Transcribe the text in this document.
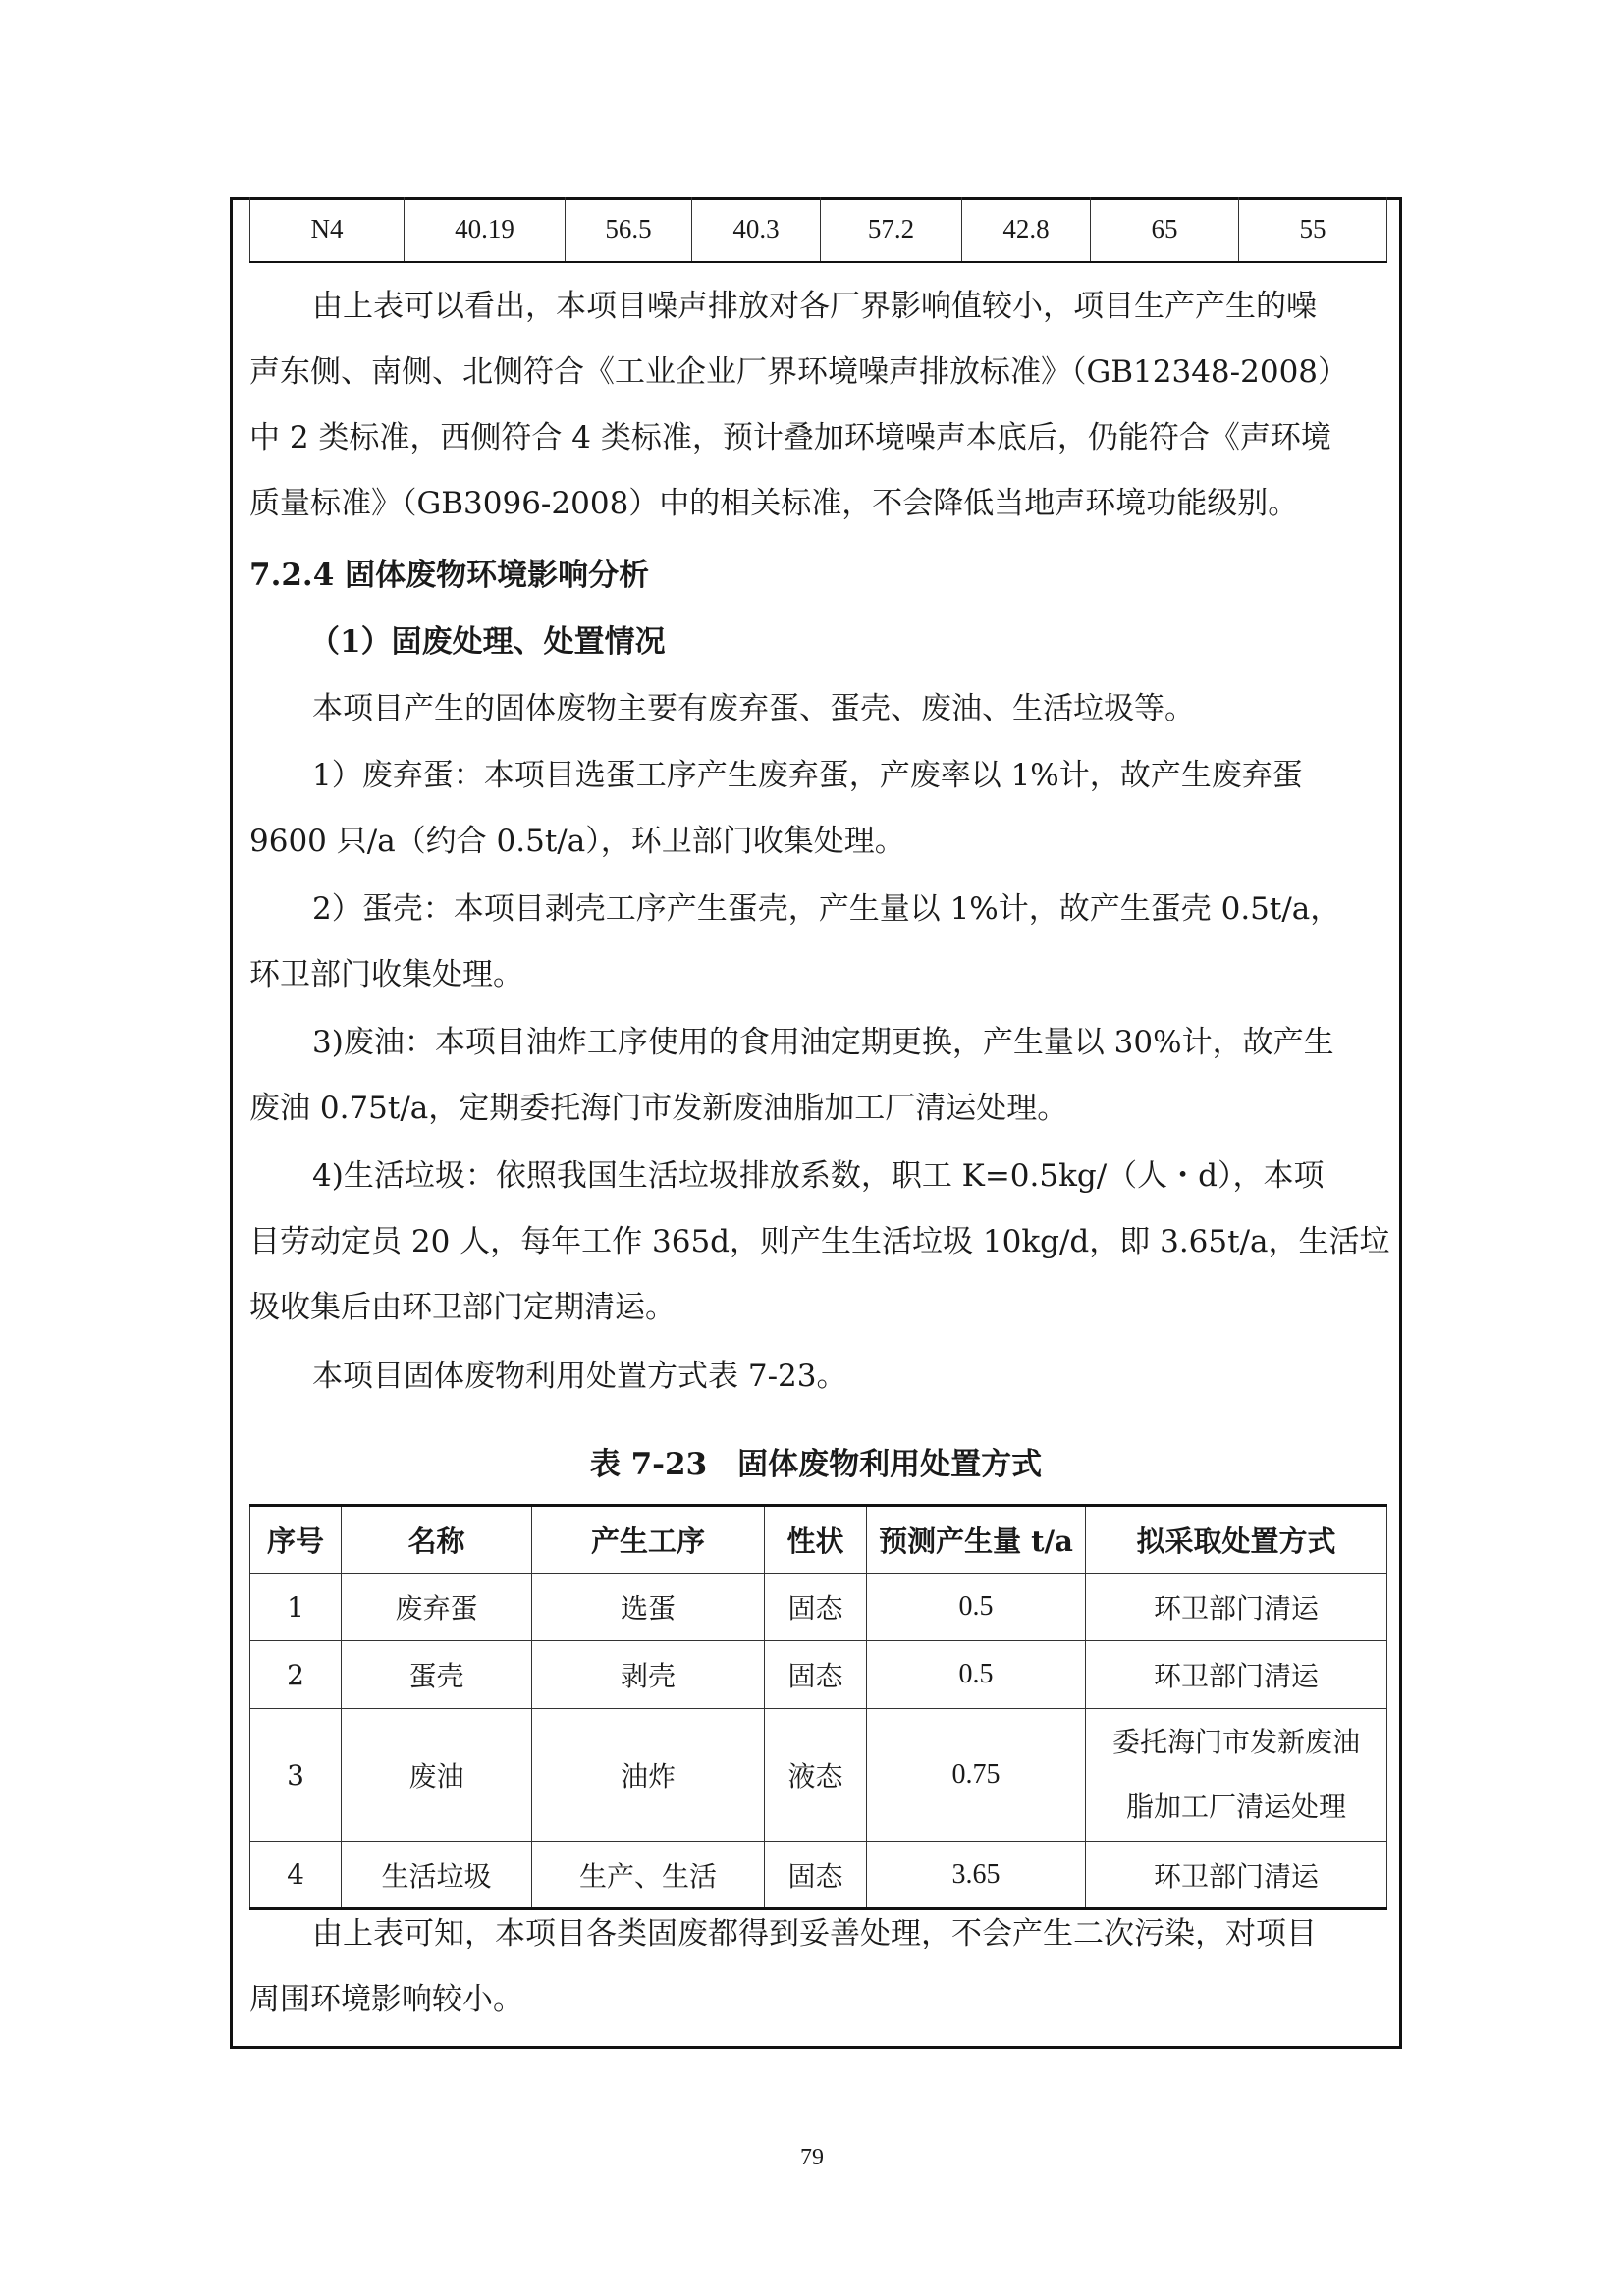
N4	40.19	56.5	40.3	57.2	42.8	65	55
由上表可以看出，本项目噪声排放对各厂界影响值较小，项目生产产生的噪
声东侧、南侧、北侧符合《工业企业厂界环境噪声排放标准》（GB12348-2008）
中 2 类标准，西侧符合 4 类标准，预计叠加环境噪声本底后，仍能符合《声环境
质量标准》（GB3096-2008）中的相关标准，不会降低当地声环境功能级别。
7.2.4 固体废物环境影响分析
（1）固废处理、处置情况
本项目产生的固体废物主要有废弃蛋、蛋壳、废油、生活垃圾等。
1）废弃蛋：本项目选蛋工序产生废弃蛋，产废率以 1%计，故产生废弃蛋
9600 只/a（约合 0.5t/a），环卫部门收集处理。
2）蛋壳：本项目剥壳工序产生蛋壳，产生量以 1%计，故产生蛋壳 0.5t/a，
环卫部门收集处理。
3)废油：本项目油炸工序使用的食用油定期更换，产生量以 30%计，故产生
废油 0.75t/a，定期委托海门市发新废油脂加工厂清运处理。
4)生活垃圾：依照我国生活垃圾排放系数，职工 K=0.5kg/（人・d），本项
目劳动定员 20 人，每年工作 365d，则产生生活垃圾 10kg/d，即 3.65t/a，生活垃
圾收集后由环卫部门定期清运。
本项目固体废物利用处置方式表 7-23。
表 7-23　固体废物利用处置方式
序号	名称	产生工序	性状	预测产生量 t/a	拟采取处置方式
1	废弃蛋	选蛋	固态	0.5	环卫部门清运
2	蛋壳	剥壳	固态	0.5	环卫部门清运
3	废油	油炸	液态	0.75	委托海门市发新废油
脂加工厂清运处理

4	生活垃圾	生产、生活	固态	3.65	环卫部门清运
由上表可知，本项目各类固废都得到妥善处理，不会产生二次污染，对项目
周围环境影响较小。
79
